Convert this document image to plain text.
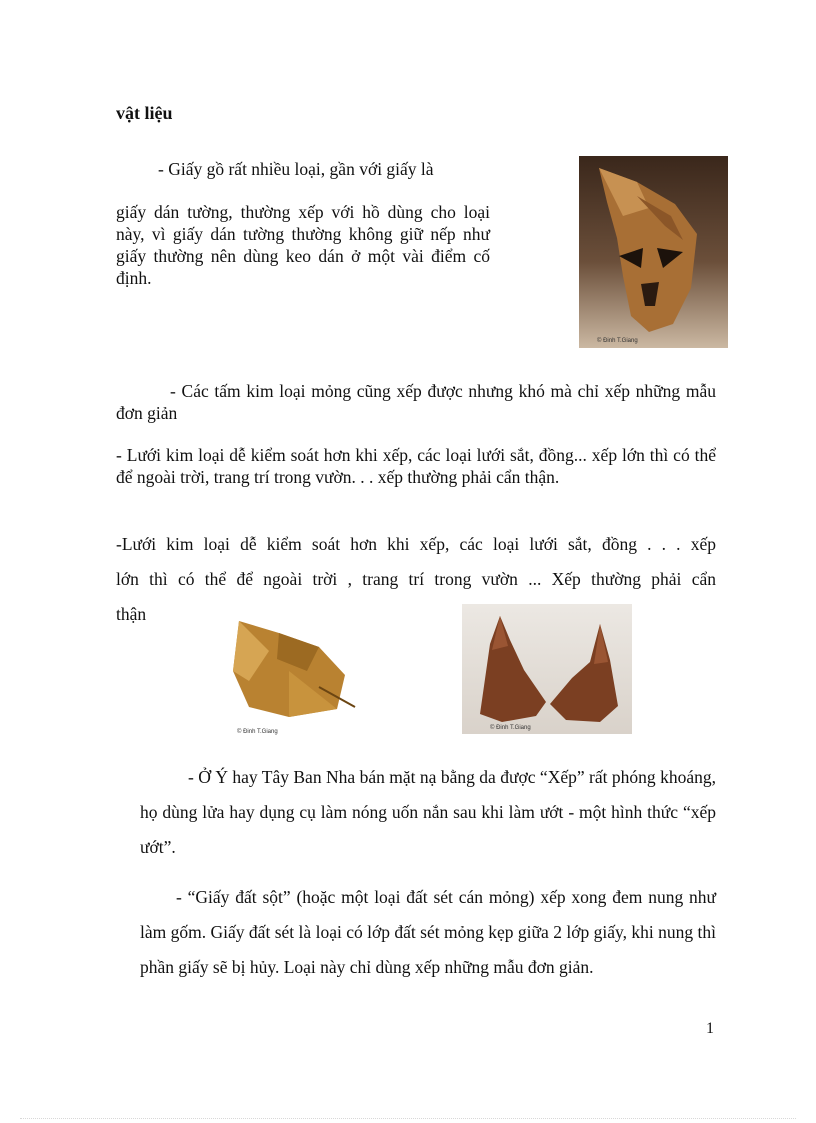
vật liệu

- Giấy gồ rất nhiều loại, gần với giấy là

giấy dán tường, thường xếp với hồ dùng cho loại này, vì giấy dán tường thường không giữ nếp như giấy thường nên dùng keo dán ở một vài điểm cố định.

© Đinh T.Giang

- Các tấm kim loại mỏng cũng xếp được nhưng khó mà chỉ xếp những mẫu đơn giản

- Lưới kim loại dễ kiểm soát hơn khi xếp, các loại lưới sắt, đồng... xếp lớn thì có thể để ngoài trời, trang trí trong vườn. . . xếp thường phải cẩn thận.

-Lưới kim loại dễ kiểm soát hơn khi xếp, các loại lưới sắt, đồng . . . xếp

lớn thì có thể để ngoài trời , trang trí trong vườn ... Xếp thường phải cẩn

thận

© Đinh T.Giang
© Đinh T.Giang

- Ở Ý hay Tây Ban Nha bán mặt nạ bằng da được “Xếp” rất phóng khoáng, họ dùng lửa hay dụng cụ làm nóng uốn nắn sau khi làm ướt - một hình thức “xếp ướt”.

- “Giấy đất sột” (hoặc một loại đất sét cán mỏng) xếp xong đem nung như làm gốm. Giấy đất sét là loại có lớp đất sét mỏng kẹp giữa 2 lớp giấy, khi nung thì phần giấy sẽ bị hủy. Loại này chỉ dùng xếp những mẫu đơn giản.

1
